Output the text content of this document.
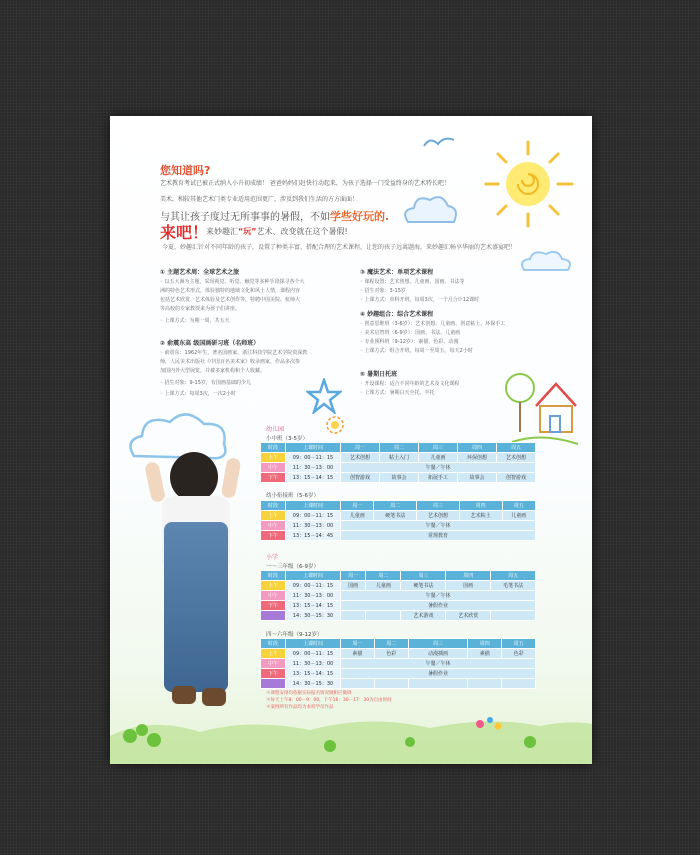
您知道吗?
艺术教育考试已被正式纳入小升初成绩！ 爸爸妈妈们赶快行动起来，为孩子选择一门受益终身的艺术特长吧！
美术，相较其他艺术门类专业适用范围更广，涉及到我们生活的方方面面！
与其让孩子度过无所事事的暑假，不如学些好玩的.
来吧！
来妙趣汇“玩”艺术、改变就在这个暑假!
今夏，妙趣汇针对不同年龄的孩子，设置了种类丰富、搭配合理的艺术课程，让您的孩子远离题海，来妙趣汇畅享华丽的艺术盛宴吧！
① 主题艺术周：全球艺术之旅
◦ 以五大洲为主题，采用视觉、听觉、触觉等多种手段探寻各个大
洲的特色艺术形式，体验独特的地域文化和风土人情，课程内容
包括艺术欣赏、艺术体验及艺术创作等，特聘中国美院、杭师大
等高校的专家教授来为孩子们讲座。
◦ 上课方式：为期一周，共五天
② 俞震东高 级国画研习班（名师班）
◦ 俞震东：1962年生，著名国画家，浙江科技学院艺术学院资深教
师，人民美术出版社《中国百名美术家》收录画家，作品多次参
加国内外大型展览，并被多家机构和个人收藏。
◦ 招生对象：9-15岁，有国画基础的少儿
◦ 上课方式：每周3次，一次2小时
③ 魔法艺术：单项艺术课程
◦ 课程设置：艺术创想、儿童画、国画、书法等
◦ 招生对象：3-15岁
◦ 上课方式：单科开班，每周3次，一个月合计12课时
④ 妙趣组合：综合艺术课程
◦ 创意思维班（3-6岁）：艺术创想、儿童画、创意粘土、环保手工
◦ 美术启智班（6-9岁）：国画、书法、儿童画
◦ 专业预科班（9-12岁）：素描、色彩、动漫
◦ 上课方式：组合开班，每周一至周五，每天2小时
⑤ 暑期日托班
◦ 开设课程：适合不同年龄的艺术及文化课程
◦ 上课方式：暑期白天全托、半托
幼儿园
小中班（3-5岁）
时段	上课时间	周一	周二	周三	周四	周五
上午	09：00－11：15	艺术创想	粘土入门	儿童画	环保创想	艺术创想
中午	11：30－13：00	午餐／午休				
下午	13：15－14：15	创智游戏	故事会	拓展手工	故事会	创智游戏
幼小衔接班（5-6岁）
时段	上课时间	周一	周二	周三	周四	周五
上午	09：00－11：15	儿童画	硬笔书法	艺术创想	艺术粘土	儿童画
中午	11：30－13：00	午餐／午休				
下午	13：15－14：45	常规教育				
小学
一～三年级（6-9岁）
时段	上课时间	周一	周二	周三	周四	周五
上午	09：00－11：15	国画	儿童画	硬笔书法	国画	毛笔书法
中午	11：30－13：00	午餐／午休				
下午	13：15－14：15	暑假作业				
	14：30－15：30			艺术游戏	艺术欣赏	
四～六年级（9-12岁）
时段	上课时间	周一	周二	周三	周四	周五
上午	09：00－11：15	素描	色彩	动漫插画	素描	色彩
中午	11：30－13：00	午餐／午休				
下午	13：15－14：15	暑假作业				
	14：30－15：30					
＊课程安排均依据实际报名情况做相应微调
＊每天上午8：00－9：00，下午16：30－17：30为自由时间
＊案例所有作品均为本校学员作品
